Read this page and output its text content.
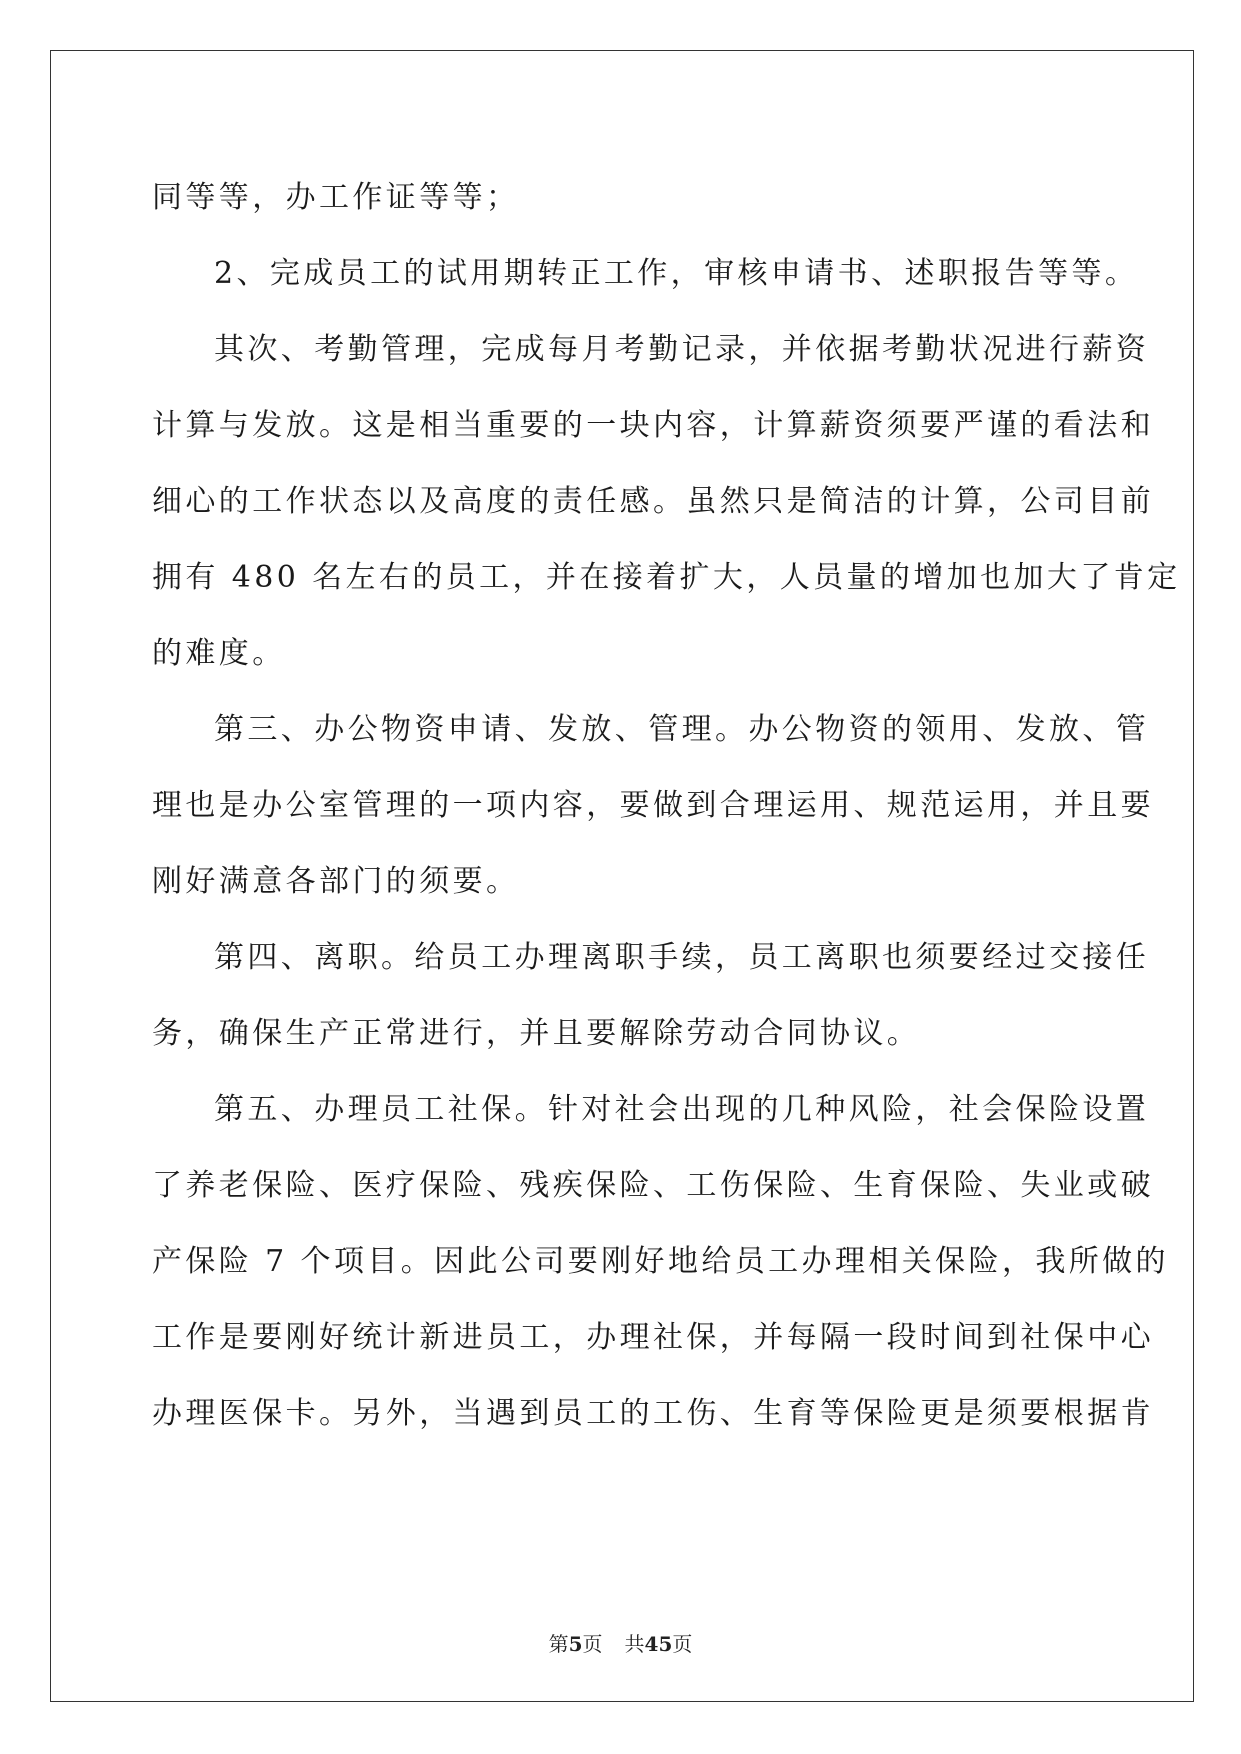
同等等，办工作证等等；
2、完成员工的试用期转正工作，审核申请书、述职报告等等。
其次、考勤管理，完成每月考勤记录，并依据考勤状况进行薪资
计算与发放。这是相当重要的一块内容，计算薪资须要严谨的看法和
细心的工作状态以及高度的责任感。虽然只是简洁的计算，公司目前
拥有 480 名左右的员工，并在接着扩大，人员量的增加也加大了肯定
的难度。
第三、办公物资申请、发放、管理。办公物资的领用、发放、管
理也是办公室管理的一项内容，要做到合理运用、规范运用，并且要
刚好满意各部门的须要。
第四、离职。给员工办理离职手续，员工离职也须要经过交接任
务，确保生产正常进行，并且要解除劳动合同协议。
第五、办理员工社保。针对社会出现的几种风险，社会保险设置
了养老保险、医疗保险、残疾保险、工伤保险、生育保险、失业或破
产保险 7 个项目。因此公司要刚好地给员工办理相关保险，我所做的
工作是要刚好统计新进员工，办理社保，并每隔一段时间到社保中心
办理医保卡。另外，当遇到员工的工伤、生育等保险更是须要根据肯
第5页 共45页
